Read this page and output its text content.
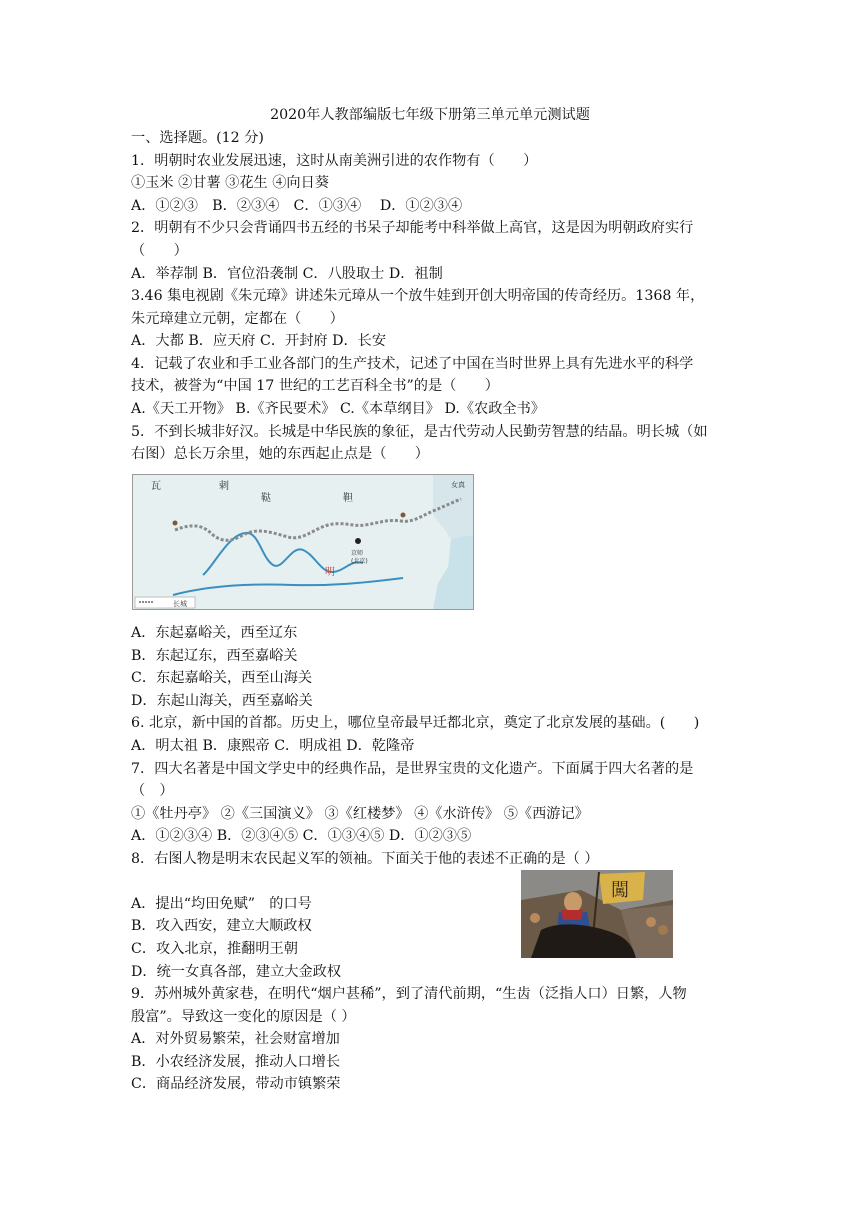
2020年人教部编版七年级下册第三单元单元测试题
一、选择题。(12 分)
1．明朝时农业发展迅速，这时从南美洲引进的农作物有（　　）
①玉米 ②甘薯 ③花生 ④向日葵
A．①②③　B．②③④　C．①③④　 D．①②③④
2．明朝有不少只会背诵四书五经的书呆子却能考中科举做上高官，这是因为明朝政府实行
（　　）
A．举荐制 B．官位沿袭制 C．八股取士 D．祖制
3.46 集电视剧《朱元璋》讲述朱元璋从一个放牛娃到开创大明帝国的传奇经历。1368 年，
朱元璋建立元朝，定都在（　　）
A．大都 B．应天府 C．开封府 D．长安
4．记载了农业和手工业各部门的生产技术，记述了中国在当时世界上具有先进水平的科学
技术，被誉为“中国 17 世纪的工艺百科全书”的是（　　）
A.《天工开物》 B.《齐民要术》 C.《本草纲目》 D.《农政全书》
5．不到长城非好汉。长城是中华民族的象征，是古代劳动人民勤劳智慧的结晶。明长城（如
右图）总长万余里，她的东西起止点是（　　）
瓦	剌
鞑	靼
女真
京师
(北京)
明
长城
A．东起嘉峪关，西至辽东
B．东起辽东，西至嘉峪关
C．东起嘉峪关，西至山海关
D．东起山海关，西至嘉峪关
6. 北京，新中国的首都。历史上，哪位皇帝最早迁都北京，奠定了北京发展的基础。(　　)
A．明太祖 B．康熙帝 C．明成祖 D．乾隆帝
7．四大名著是中国文学史中的经典作品，是世界宝贵的文化遗产。下面属于四大名著的是
（　）
①《牡丹亭》 ②《三国演义》 ③《红楼梦》 ④《水浒传》 ⑤《西游记》
A．①②③④ B．②③④⑤ C．①③④⑤ D．①②③⑤
8．右图人物是明末农民起义军的领袖。下面关于他的表述不正确的是（ ）
闖
A．提出“均田免赋”　的口号
B．攻入西安，建立大顺政权
C．攻入北京，推翻明王朝
D．统一女真各部，建立大金政权
9．苏州城外黄家巷，在明代“烟户甚稀”，到了清代前期，“生齿（泛指人口）日繁，人物
殷富”。导致这一变化的原因是（ ）
A．对外贸易繁荣，社会财富增加
B．小农经济发展，推动人口增长
C．商品经济发展，带动市镇繁荣
